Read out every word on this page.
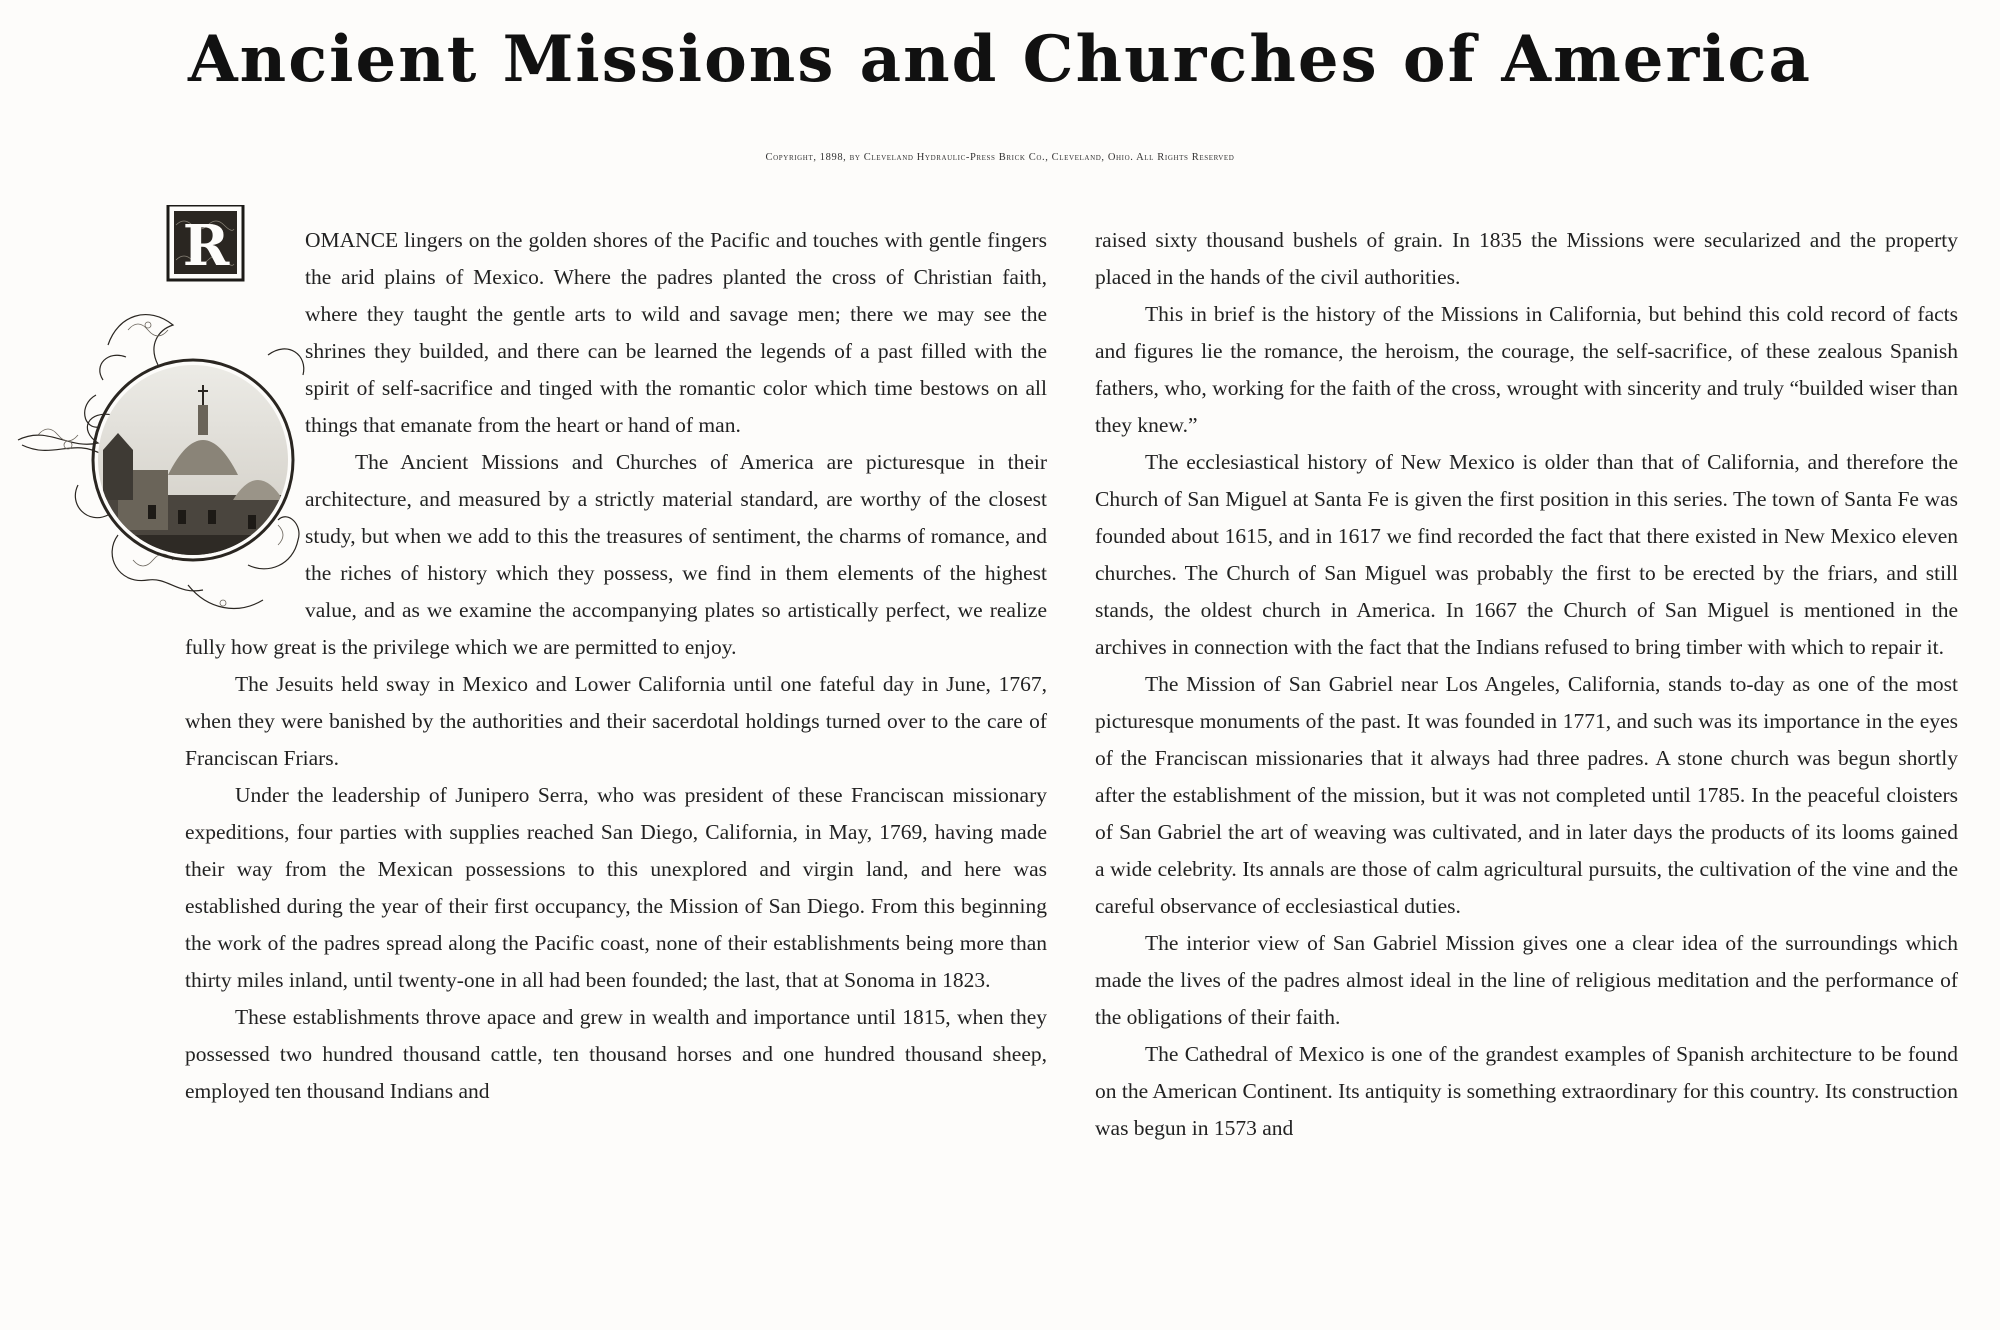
Ancient Missions and Churches of America
Copyright, 1898, by Cleveland Hydraulic-Press Brick Co., Cleveland, Ohio. All Rights Reserved
R	OMANCE lingers on the golden shores of the Pacific and touches with gentle fingers the arid plains of Mexico. Where the padres planted the cross of Christian faith, where they taught the gentle arts to wild and savage men; there we may see the shrines they builded, and there can be learned the legends of a past filled with the spirit of self-sacrifice and tinged with the romantic color which time bestows on all things that emanate from the heart or hand of man.

The Ancient Missions and Churches of America are picturesque in their architecture, and measured by a strictly material standard, are worthy of the closest study, but when we add to this the treasures of sentiment, the charms of romance, and the riches of history which they possess, we find in them elements of the highest value, and as we examine the accompanying plates so artistically perfect, we realize fully how great is the privilege which we are permitted to enjoy.

The Jesuits held sway in Mexico and Lower California until one fateful day in June, 1767, when they were banished by the authorities and their sacerdotal holdings turned over to the care of Franciscan Friars.

Under the leadership of Junipero Serra, who was president of these Franciscan missionary expeditions, four parties with supplies reached San Diego, California, in May, 1769, having made their way from the Mexican possessions to this unexplored and virgin land, and here was established during the year of their first occupancy, the Mission of San Diego. From this beginning the work of the padres spread along the Pacific coast, none of their establishments being more than thirty miles inland, until twenty-one in all had been founded; the last, that at Sonoma in 1823.

These establishments throve apace and grew in wealth and importance until 1815, when they possessed two hundred thousand cattle, ten thousand horses and one hundred thousand sheep, employed ten thousand Indians and

raised sixty thousand bushels of grain. In 1835 the Missions were secularized and the property placed in the hands of the civil authorities.

This in brief is the history of the Missions in California, but behind this cold record of facts and figures lie the romance, the heroism, the courage, the self-sacrifice, of these zealous Spanish fathers, who, working for the faith of the cross, wrought with sincerity and truly “builded wiser than they knew.”

The ecclesiastical history of New Mexico is older than that of California, and therefore the Church of San Miguel at Santa Fe is given the first position in this series. The town of Santa Fe was founded about 1615, and in 1617 we find recorded the fact that there existed in New Mexico eleven churches. The Church of San Miguel was probably the first to be erected by the friars, and still stands, the oldest church in America. In 1667 the Church of San Miguel is mentioned in the archives in connection with the fact that the Indians refused to bring timber with which to repair it.

The Mission of San Gabriel near Los Angeles, California, stands to-day as one of the most picturesque monuments of the past. It was founded in 1771, and such was its importance in the eyes of the Franciscan missionaries that it always had three padres. A stone church was begun shortly after the establishment of the mission, but it was not completed until 1785. In the peaceful cloisters of San Gabriel the art of weaving was cultivated, and in later days the products of its looms gained a wide celebrity. Its annals are those of calm agricultural pursuits, the cultivation of the vine and the careful observance of ecclesiastical duties.

The interior view of San Gabriel Mission gives one a clear idea of the surroundings which made the lives of the padres almost ideal in the line of religious meditation and the performance of the obligations of their faith.

The Cathedral of Mexico is one of the grandest examples of Spanish architecture to be found on the American Continent. Its antiquity is something extraordinary for this country. Its construction was begun in 1573 and
